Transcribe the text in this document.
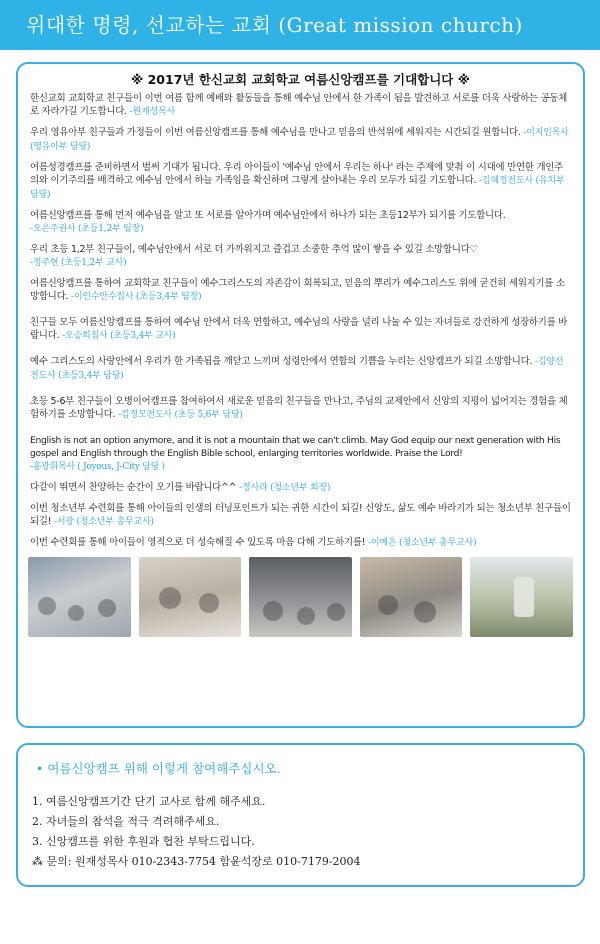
위대한 명령, 선교하는 교회 (Great mission church)
※ 2017년 한신교회 교회학교 여름신앙캠프를 기대합니다 ※
한신교회 교회학교 친구들이 이번 여름 함께 예배와 활동들을 통해 예수님 안에서 한 가족이 됨을 발견하고 서로를 더욱 사랑하는 공동체로 자라가길 기도합니다. -원재성목사
우리 영유아부 친구들과 가정들이 이번 여름신앙캠프를 통해 예수님을 만나고 믿음의 반석위에 세워지는 시간되길 원합니다. -이지인목사 (영유아부 담당)
여름성경캠프를 준비하면서 벌써 기대가 됩니다. 우리 아이들이 '예수님 안에서 우리는 하나' 라는 주제에 맞춰 이 시대에 만연한 개인주의와 이기주의를 배격하고 예수님 안에서 하늘 가족임을 확신하며 그렇게 살아내는 우리 모두가 되길 기도합니다. -김혜정전도사 (유치부 담당)
여름신앙캠프를 통해 먼저 예수님을 알고 또 서로를 알아가며 예수님안에서 하나가 되는 초등12부가 되기를 기도합니다.
-오은주권사 (초등1,2부 팀장)
우리 초등 1,2부 친구들이, 예수님안에서 서로 더 가까워지고 즐겁고 소중한 추억 많이 쌓을 수 있길 소망합니다♡
-정주현 (초등1,2부 교사)
여름신앙캠프를 통하여 교회학교 친구들이 예수그리스도의 자존감이 회복되고, 믿음의 뿌리가 예수그리스도 위에 굳건히 세워지기를 소망합니다. -이인수안수집사 (초등3,4부 팀장)
친구들 모두 여름신앙캠프를 통하여 예수님 안에서 더욱 연합하고, 예수님의 사랑을 널리 나눌 수 있는 자녀들로 강건하게 성장하기를 바랍니다. -오승희집사 (초등3,4부 교사)
예수 그리스도의 사랑안에서 우리가 한 가족됨을 깨닫고 느끼며 성령안에서 연합의 기쁨을 누리는 신앙캠프가 되길 소망합니다. -김양선전도사 (초등3,4부 담당)
초등 5-6부 친구들이 오병이어캠프를 참여하여서 새로운 믿음의 친구들을 만나고, 주님의 교제안에서 신앙의 지평이 넓어지는 경험을 체험하기를 소망합니다. -김정모전도사 (초등 5,6부 담당)
English is not an option anymore, and it is not a mountain that we can't climb. May God equip our next generation with His gospel and English through the English Bible school, enlarging territories worldwide. Praise the Lord!
-홍광휘목사 ( Joyous, J-City 담당 )
다같이 뛰면서 찬양하는 순간이 오기를 바랍니다^^ -정사라 (청소년부 회장)
이번 청소년부 수련회를 통해 아이들의 인생의 터닝포인트가 되는 귀한 시간이 되길! 신앙도, 삶도 예수 바라기가 되는 청소년부 친구들이 되길! -서광 (청소년부 총무교사)
이번 수련회를 통해 아이들이 영적으로 더 성숙해질 수 있도록 마음 다해 기도하기를! -이예은 (청소년부 총무교사)
• 여름신앙캠프 위해 이렇게 참여해주십시오.
1. 여름신앙캠프기간 단기 교사로 함께 해주세요.
2. 자녀들의 참석을 적극 격려해주세요.
3. 신앙캠프를 위한 후원과 협찬 부탁드립니다.
⁂ 문의: 원재성목사 010-2343-7754 함윤석장로 010-7179-2004
